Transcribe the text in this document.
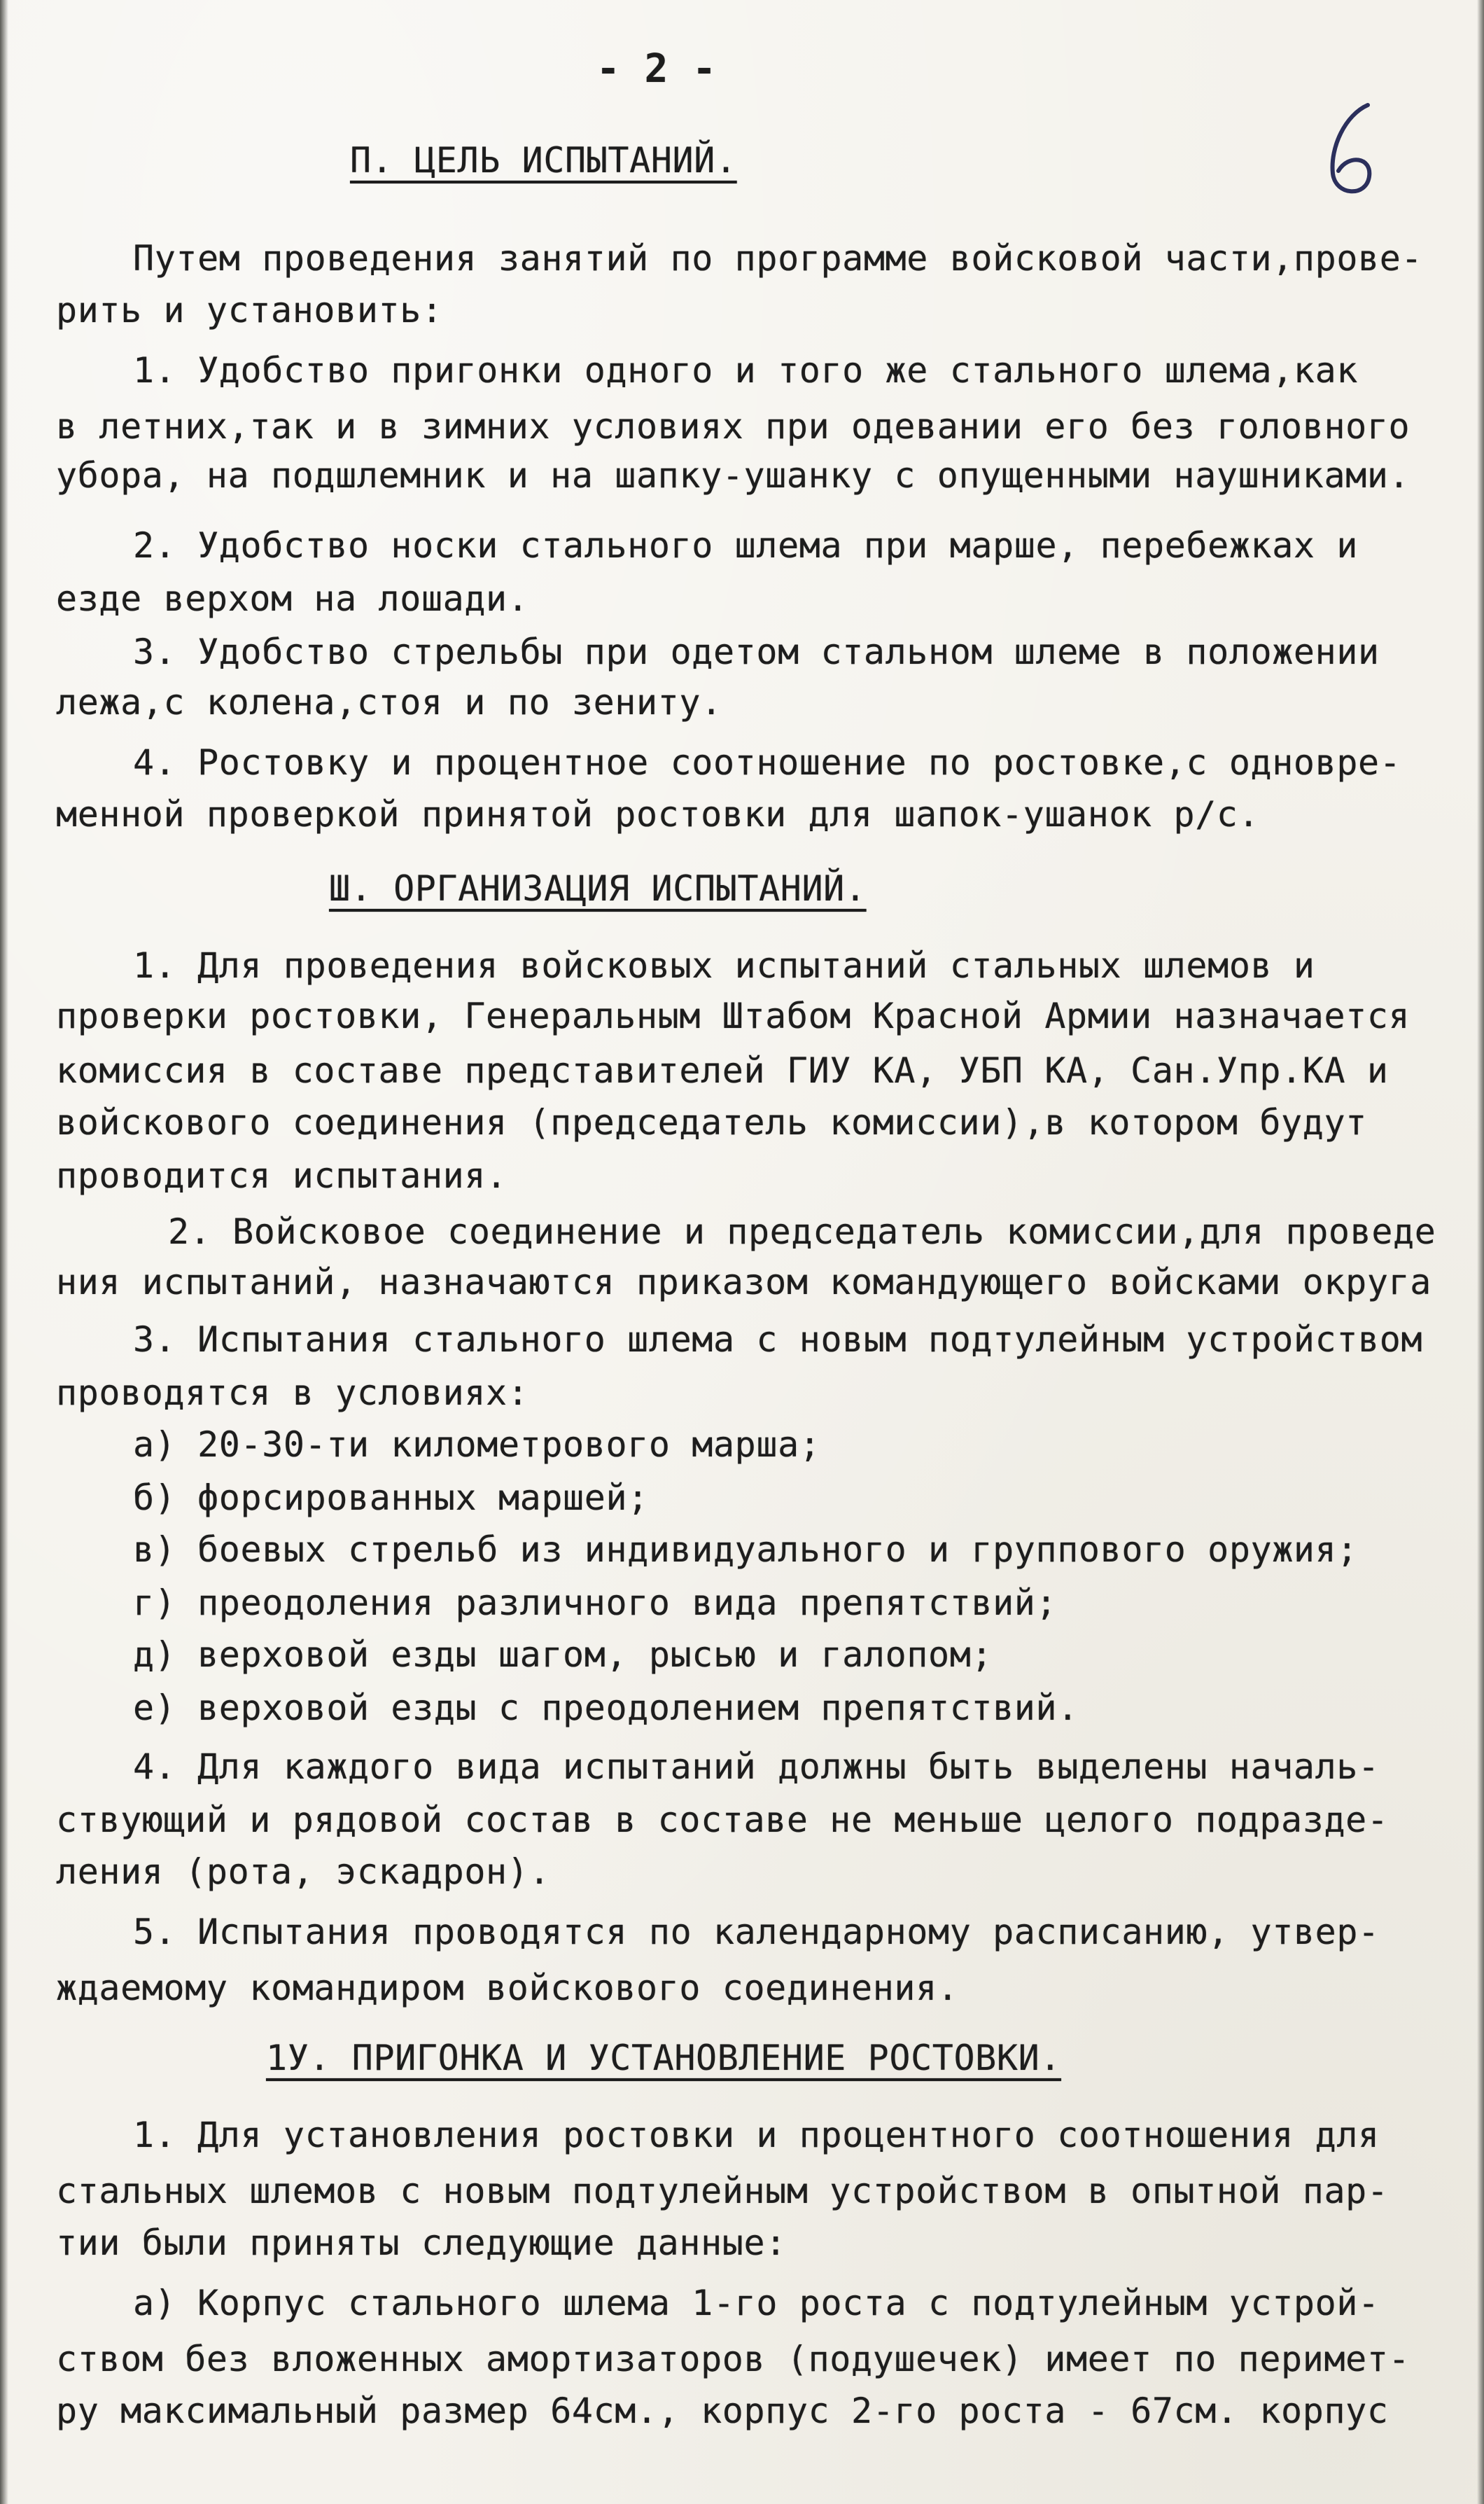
- 2 -
П. ЦЕЛЬ ИСПЫТАНИЙ.
Путем проведения занятий по программе войсковой части,прове-
рить и установить:
1. Удобство пригонки одного и того же стального шлема,как
в летних,так и в зимних условиях при одевании его без головного
убора, на подшлемник и на шапку-ушанку с опущенными наушниками.
2. Удобство носки стального шлема при марше, перебежках и
езде верхом на лошади.
3. Удобство стрельбы при одетом стальном шлеме в положении
лежа,с колена,стоя и по зениту.
4. Ростовку и процентное соотношение по ростовке,с одновре-
менной проверкой принятой ростовки для шапок-ушанок р/с.
Ш. ОРГАНИЗАЦИЯ ИСПЫТАНИЙ.
1. Для проведения войсковых испытаний стальных шлемов и
проверки ростовки, Генеральным Штабом Красной Армии назначается
комиссия в составе представителей ГИУ КА, УБП КА, Сан.Упр.КА и
войскового соединения (председатель комиссии),в котором будут
проводится испытания.
2. Войсковое соединение и председатель комиссии,для проведе
ния испытаний, назначаются приказом командующего войсками округа
3. Испытания стального шлема с новым подтулейным устройством
проводятся в условиях:
а) 20-30-ти километрового марша;
б) форсированных маршей;
в) боевых стрельб из индивидуального и группового оружия;
г) преодоления различного вида препятствий;
д) верховой езды шагом, рысью и галопом;
е) верховой езды с преодолением препятствий.
4. Для каждого вида испытаний должны быть выделены началь-
ствующий и рядовой состав в составе не меньше целого подразде-
ления (рота, эскадрон).
5. Испытания проводятся по календарному расписанию, утвер-
ждаемому командиром войскового соединения.
1У. ПРИГОНКА И УСТАНОВЛЕНИЕ РОСТОВКИ.
1. Для установления ростовки и процентного соотношения для
стальных шлемов с новым подтулейным устройством в опытной пар-
тии были приняты следующие данные:
а) Корпус стального шлема 1-го роста с подтулейным устрой-
ством без вложенных амортизаторов (подушечек) имеет по перимет-
ру максимальный размер 64см., корпус 2-го роста - 67см. корпус
